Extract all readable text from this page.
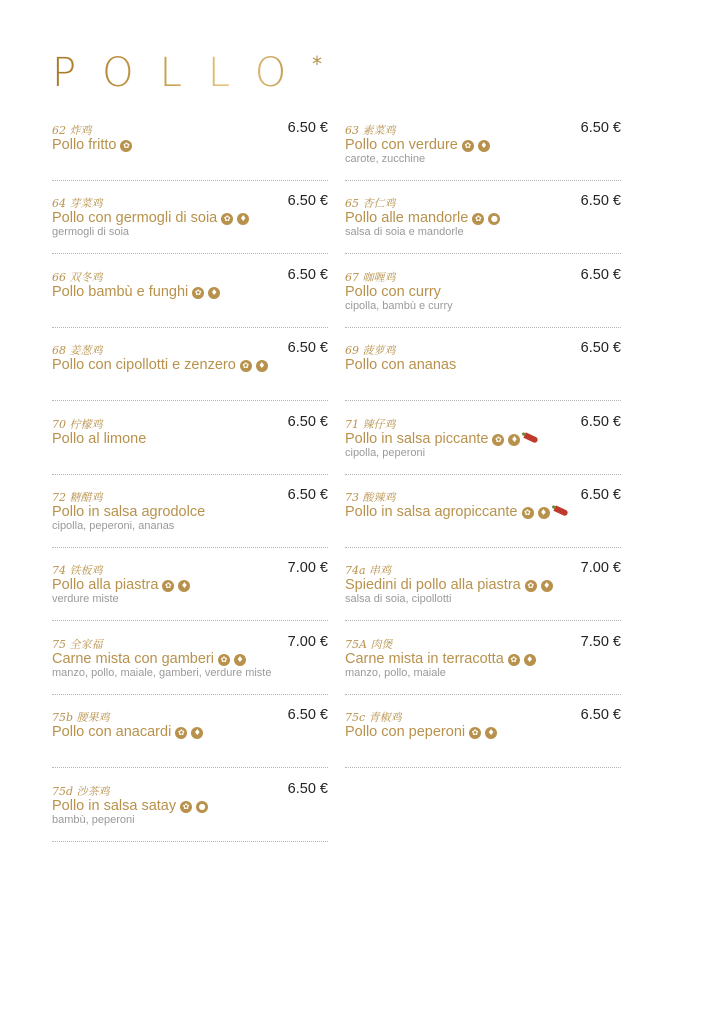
POLLO *
62 炸鸡	6.50 €
Pollo fritto ✿
63 素菜鸡	6.50 €
Pollo con verdure ✿ ♦
carote, zucchine
64 芽菜鸡	6.50 €
Pollo con germogli di soia ✿ ♦
germogli di soia
65 杏仁鸡	6.50 €
Pollo alle mandorle ✿ ●
salsa di soia e mandorle
66 双冬鸡	6.50 €
Pollo bambù e funghi ✿ ♦
67 咖喱鸡	6.50 €
Pollo con curry
cipolla, bambù e curry
68 姜葱鸡	6.50 €
Pollo con cipollotti e zenzero ✿ ♦
69 菠萝鸡	6.50 €
Pollo con ananas
70 柠檬鸡	6.50 €
Pollo al limone
71 辣仔鸡	6.50 €
Pollo in salsa piccante ✿ ♦
cipolla, peperoni
72 糖醋鸡	6.50 €
Pollo in salsa agrodolce
cipolla, peperoni, ananas
73 酸辣鸡	6.50 €
Pollo in salsa agropiccante ✿ ♦
74 铁板鸡	7.00 €
Pollo alla piastra ✿ ♦
verdure miste
74a 串鸡	7.00 €
Spiedini di pollo alla piastra ✿ ♦
salsa di soia, cipollotti
75 全家福	7.00 €
Carne mista con gamberi ✿ ♦
manzo, pollo, maiale, gamberi, verdure miste
75A 肉煲	7.50 €
Carne mista in terracotta ✿ ♦
manzo, pollo, maiale
75b 腰果鸡	6.50 €
Pollo con anacardi ✿ ♦
75c 青椒鸡	6.50 €
Pollo con peperoni ✿ ♦
75d 沙茶鸡	6.50 €
Pollo in salsa satay ✿ ●
bambù, peperoni
